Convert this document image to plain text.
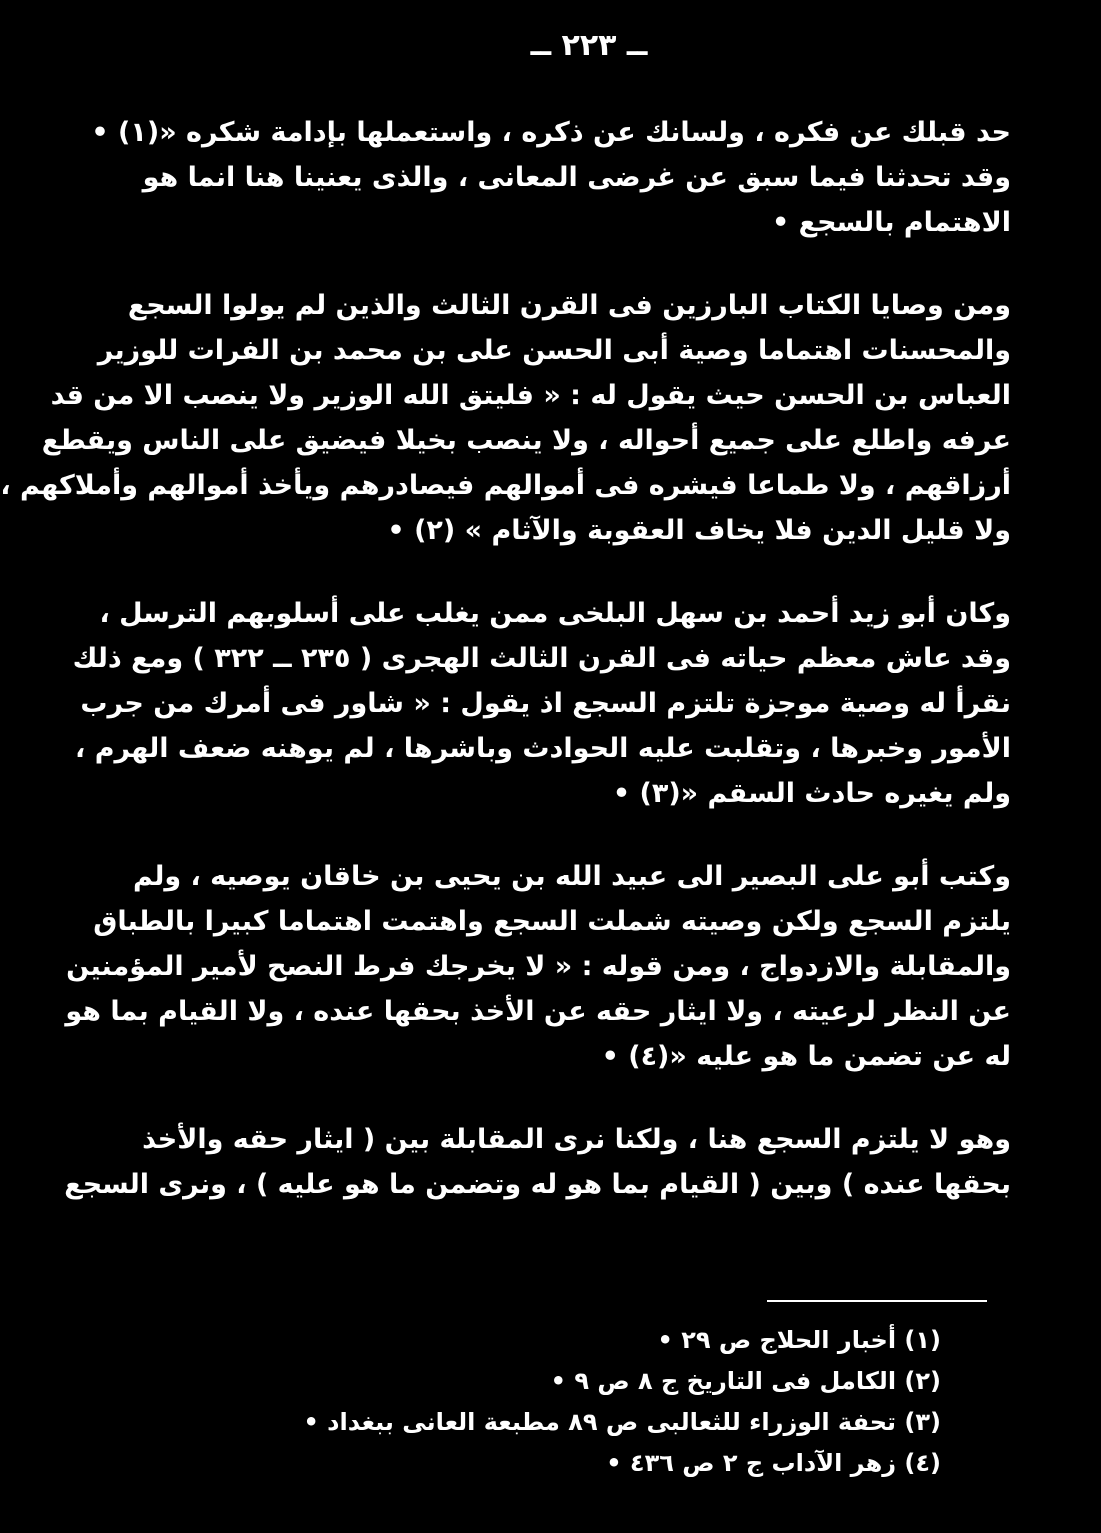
ــ ٢٢٣ ــ
حد قبلك عن فكره ، ولسانك عن ذكره ، واستعملها بإدامة شكره «(١) •
وقد تحدثنا فيما سبق عن غرضى المعانى ، والذى يعنينا هنا انما هو
الاهتمام بالسجع •
ومن وصايا الكتاب البارزين فى القرن الثالث والذين لم يولوا السجع
والمحسنات اهتماما وصية أبى الحسن على بن محمد بن الفرات للوزير
العباس بن الحسن حيث يقول له : « فليتق الله الوزير ولا ينصب الا من قد
عرفه واطلع على جميع أحواله ، ولا ينصب بخيلا فيضيق على الناس ويقطع
أرزاقهم ، ولا طماعا فيشره فى أموالهم فيصادرهم ويأخذ أموالهم وأملاكهم ،
ولا قليل الدين فلا يخاف العقوبة والآثام » (٢) •
وكان أبو زيد أحمد بن سهل البلخى ممن يغلب على أسلوبهم الترسل ،
وقد عاش معظم حياته فى القرن الثالث الهجرى ( ٢٣٥ ــ ٣٢٢ ) ومع ذلك
نقرأ له وصية موجزة تلتزم السجع اذ يقول : « شاور فى أمرك من جرب
الأمور وخبرها ، وتقلبت عليه الحوادث وباشرها ، لم يوهنه ضعف الهرم ،
ولم يغيره حادث السقم «(٣) •
وكتب أبو على البصير الى عبيد الله بن يحيى بن خاقان يوصيه ، ولم
يلتزم السجع ولكن وصيته شملت السجع واهتمت اهتماما كبيرا بالطباق
والمقابلة والازدواج ، ومن قوله : « لا يخرجك فرط النصح لأمير المؤمنين
عن النظر لرعيته ، ولا ايثار حقه عن الأخذ بحقها عنده ، ولا القيام بما هو
له عن تضمن ما هو عليه «(٤) •
وهو لا يلتزم السجع هنا ، ولكنا نرى المقابلة بين ( ايثار حقه والأخذ
بحقها عنده ) وبين ( القيام بما هو له وتضمن ما هو عليه ) ، ونرى السجع
(١) أخبار الحلاج ص ٢٩ •
(٢) الكامل فى التاريخ ج ٨ ص ٩ •
(٣) تحفة الوزراء للثعالبى ص ٨٩ مطبعة العانى ببغداد •
(٤) زهر الآداب ج ٢ ص ٤٣٦ •
